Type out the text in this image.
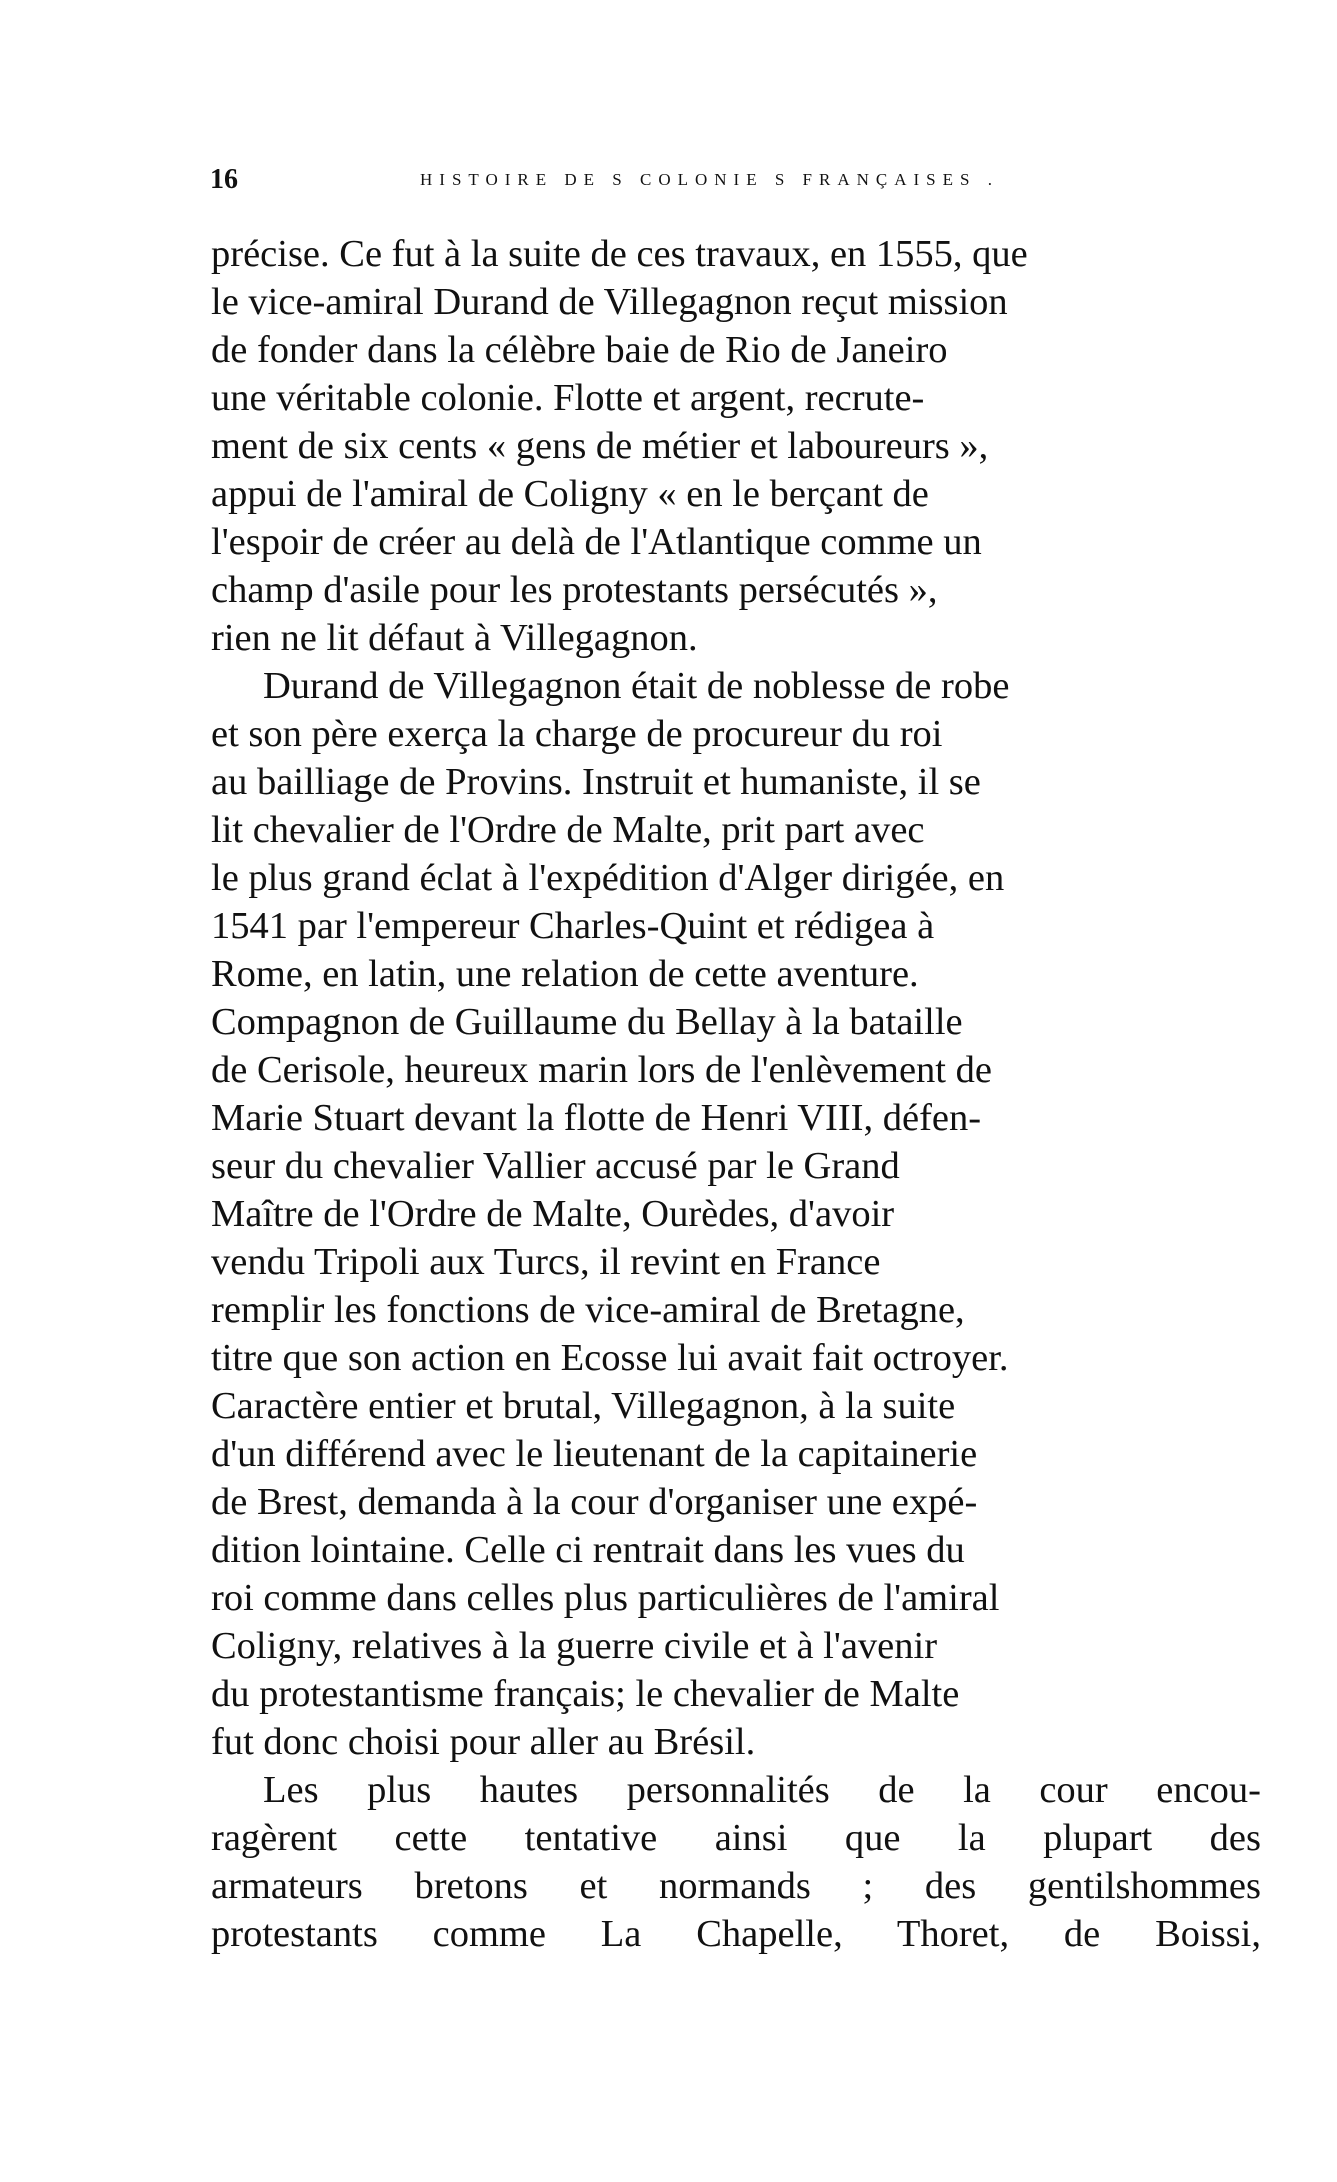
16	HISTOIRE DE S COLONIE S FRANÇAISES .

précise. Ce fut à la suite de ces travaux, en 1555, que
le vice-amiral Durand de Villegagnon reçut mission
de fonder dans la célèbre baie de Rio de Janeiro
une véritable colonie. Flotte et argent, recrute-
ment de six cents « gens de métier et laboureurs »,
appui de l'amiral de Coligny « en le berçant de
l'espoir de créer au delà de l'Atlantique comme un
champ d'asile pour les protestants persécutés »,
rien ne lit défaut à Villegagnon.

Durand de Villegagnon était de noblesse de robe
et son père exerça la charge de procureur du roi
au bailliage de Provins. Instruit et humaniste, il se
lit chevalier de l'Ordre de Malte, prit part avec
le plus grand éclat à l'expédition d'Alger dirigée, en
1541 par l'empereur Charles-Quint et rédigea à
Rome, en latin, une relation de cette aventure.
Compagnon de Guillaume du Bellay à la bataille
de Cerisole, heureux marin lors de l'enlèvement de
Marie Stuart devant la flotte de Henri VIII, défen-
seur du chevalier Vallier accusé par le Grand
Maître de l'Ordre de Malte, Ourèdes, d'avoir
vendu Tripoli aux Turcs, il revint en France
remplir les fonctions de vice-amiral de Bretagne,
titre que son action en Ecosse lui avait fait octroyer.
Caractère entier et brutal, Villegagnon, à la suite
d'un différend avec le lieutenant de la capitainerie
de Brest, demanda à la cour d'organiser une expé-
dition lointaine. Celle ci rentrait dans les vues du
roi comme dans celles plus particulières de l'amiral
Coligny, relatives à la guerre civile et à l'avenir
du protestantisme français; le chevalier de Malte
fut donc choisi pour aller au Brésil.

Les plus hautes personnalités de la cour encou-
ragèrent cette tentative ainsi que la plupart des
armateurs bretons et normands ; des gentilshommes
protestants comme La Chapelle, Thoret, de Boissi,
